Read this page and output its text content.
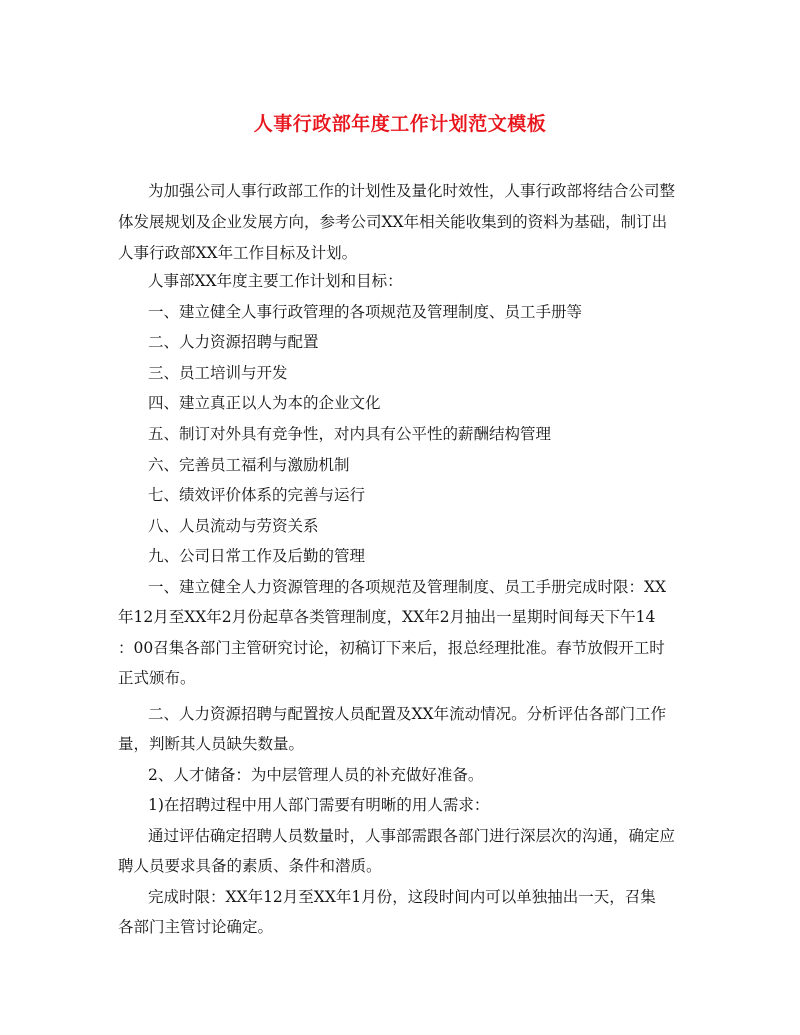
人事行政部年度工作计划范文模板
为加强公司人事行政部工作的计划性及量化时效性，人事行政部将结合公司整
体发展规划及企业发展方向，参考公司XX年相关能收集到的资料为基础，制订出
人事行政部XX年工作目标及计划。
人事部XX年度主要工作计划和目标：
一、建立健全人事行政管理的各项规范及管理制度、员工手册等
二、人力资源招聘与配置
三、员工培训与开发
四、建立真正以人为本的企业文化
五、制订对外具有竞争性，对内具有公平性的薪酬结构管理
六、完善员工福利与激励机制
七、绩效评价体系的完善与运行
八、人员流动与劳资关系
九、公司日常工作及后勤的管理
一、建立健全人力资源管理的各项规范及管理制度、员工手册完成时限：XX
年12月至XX年2月份起草各类管理制度，XX年2月抽出一星期时间每天下午14
：00召集各部门主管研究讨论，初稿订下来后，报总经理批准。春节放假开工时
正式颁布。
二、人力资源招聘与配置按人员配置及XX年流动情况。分析评估各部门工作
量，判断其人员缺失数量。
2、人才储备：为中层管理人员的补充做好准备。
1)在招聘过程中用人部门需要有明晰的用人需求：
通过评估确定招聘人员数量时，人事部需跟各部门进行深层次的沟通，确定应
聘人员要求具备的素质、条件和潜质。
完成时限：XX年12月至XX年1月份，这段时间内可以单独抽出一天，召集
各部门主管讨论确定。
